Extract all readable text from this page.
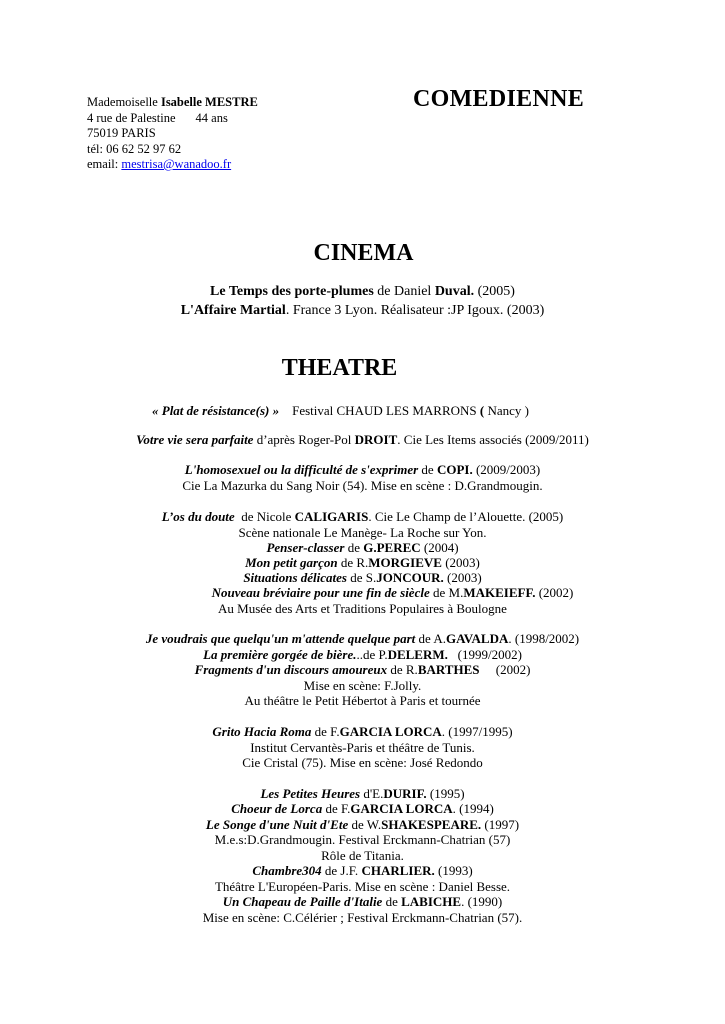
Mademoiselle Isabelle MESTRE
4 rue de Palestine 44 ans
75019 PARIS
tél: 06 62 52 97 62
email: mestrisa@wanadoo.fr
COMEDIENNE
CINEMA
Le Temps des porte-plumes de Daniel Duval. (2005)
L'Affaire Martial. France 3 Lyon. Réalisateur :JP Igoux. (2003)
THEATRE
« Plat de résistance(s) »    Festival CHAUD LES MARRONS ( Nancy )
Votre vie sera parfaite d’après Roger-Pol DROIT. Cie Les Items associés (2009/2011)
L'homosexuel ou la difficulté de s'exprimer de COPI. (2009/2003)
Cie La Mazurka du Sang Noir (54). Mise en scène : D.Grandmougin.
L’os du doute  de Nicole CALIGARIS. Cie Le Champ de l’Alouette. (2005)
Scène nationale Le Manège- La Roche sur Yon.
Penser-classer de G.PEREC (2004)
Mon petit garçon de R.MORGIEVE (2003)
Situations délicates de S.JONCOUR. (2003)
Nouveau bréviaire pour une fin de siècle de M.MAKEIEFF. (2002)
Au Musée des Arts et Traditions Populaires à Boulogne
Je voudrais que quelqu'un m'attende quelque part de A.GAVALDA. (1998/2002)
La première gorgée de bière...de P.DELERM.   (1999/2002)
Fragments d'un discours amoureux de R.BARTHES     (2002)
Mise en scène: F.Jolly.
Au théâtre le Petit Hébertot à Paris et tournée
Grito Hacia Roma de F.GARCIA LORCA. (1997/1995)
Institut Cervantès-Paris et théâtre de Tunis.
Cie Cristal (75). Mise en scène: José Redondo
Les Petites Heures d'E.DURIF. (1995)
Choeur de Lorca de F.GARCIA LORCA. (1994)
Le Songe d'une Nuit d'Ete de W.SHAKESPEARE. (1997)
M.e.s:D.Grandmougin. Festival Erckmann-Chatrian (57)
Rôle de Titania.
Chambre304 de J.F. CHARLIER. (1993)
Théâtre L'Européen-Paris. Mise en scène : Daniel Besse.
Un Chapeau de Paille d'Italie de LABICHE. (1990)
Mise en scène: C.Célérier ; Festival Erckmann-Chatrian (57).
